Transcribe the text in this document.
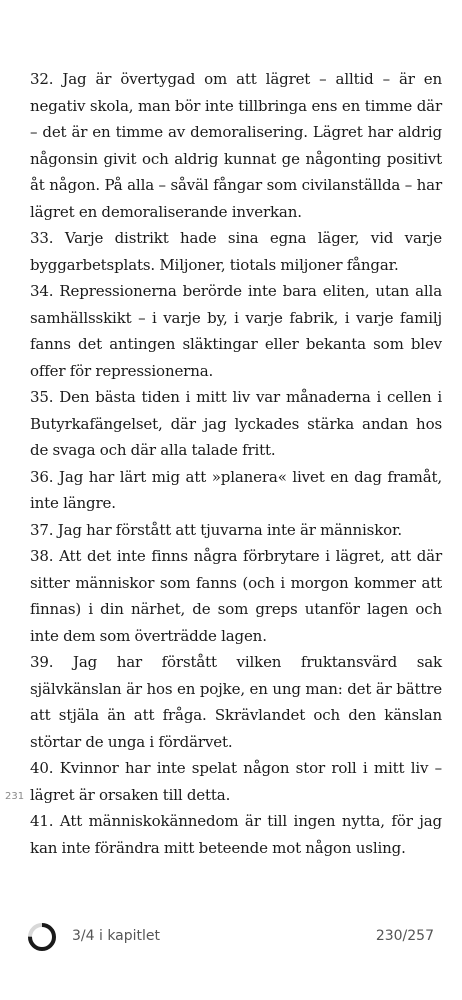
32. Jag är övertygad om att lägret – alltid – är en negativ skola, man bör inte tillbringa ens en timme där – det är en timme av demoralisering. Lägret har aldrig någonsin givit och aldrig kunnat ge någonting positivt åt någon. På alla – såväl fångar som civilanställda – har lägret en demoraliserande inverkan.

33. Varje distrikt hade sina egna läger, vid varje byggarbetsplats. Miljoner, tiotals miljoner fångar.

34. Repressionerna berörde inte bara eliten, utan alla samhällsskikt – i varje by, i varje fabrik, i varje familj fanns det antingen släktingar eller bekanta som blev offer för repressionerna.

35. Den bästa tiden i mitt liv var månaderna i cellen i Butyrkafängelset, där jag lyckades stärka andan hos de svaga och där alla talade fritt.

36. Jag har lärt mig att »planera« livet en dag framåt, inte längre.

37. Jag har förstått att tjuvarna inte är människor.

38. Att det inte finns några förbrytare i lägret, att där sitter människor som fanns (och i morgon kommer att finnas) i din närhet, de som greps utanför lagen och inte dem som överträdde lagen.

39. Jag har förstått vilken fruktansvärd sak självkänslan är hos en pojke, en ung man: det är bättre att stjäla än att fråga. Skrävlandet och den känslan störtar de unga i fördärvet.

40. Kvinnor har inte spelat någon stor roll i mitt liv – lägret är orsaken till detta.

41. Att människokännedom är till ingen nytta, för jag kan inte förändra mitt beteende mot någon usling.

231
3/4 i kapitlet	230/257
